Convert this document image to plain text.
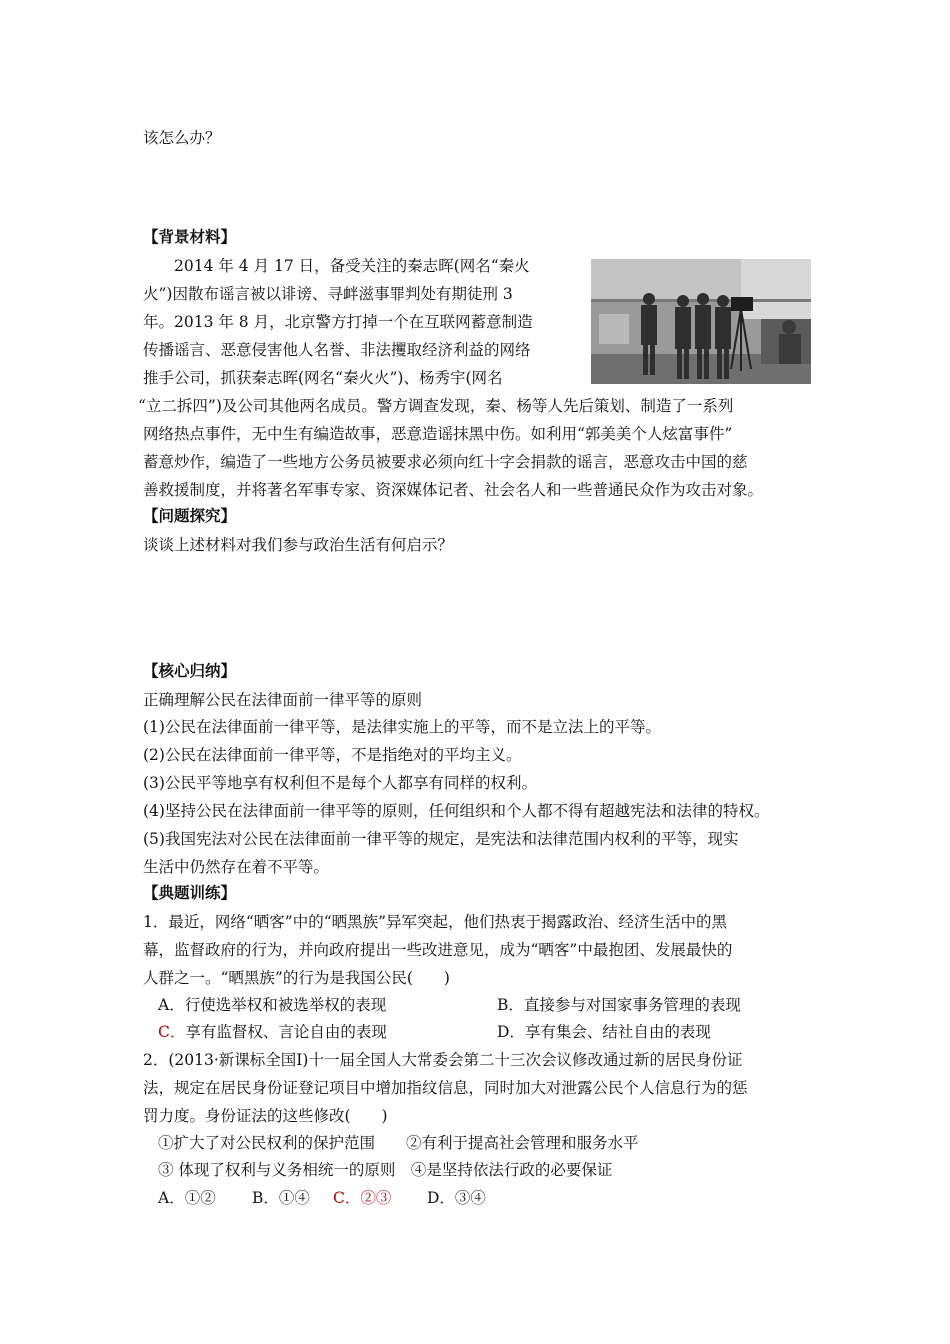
该怎么办？
【背景材料】
2014 年 4 月 17 日，备受关注的秦志晖(网名“秦火
火”)因散布谣言被以诽谤、寻衅滋事罪判处有期徒刑 3
年。2013 年 8 月，北京警方打掉一个在互联网蓄意制造
传播谣言、恶意侵害他人名誉、非法攫取经济利益的网络
推手公司，抓获秦志晖(网名“秦火火”)、杨秀宇(网名
“立二拆四”)及公司其他两名成员。警方调查发现，秦、杨等人先后策划、制造了一系列
网络热点事件，无中生有编造故事，恶意造谣抹黑中伤。如利用“郭美美个人炫富事件”
蓄意炒作，编造了一些地方公务员被要求必须向红十字会捐款的谣言，恶意攻击中国的慈
善救援制度，并将著名军事专家、资深媒体记者、社会名人和一些普通民众作为攻击对象。
【问题探究】
谈谈上述材料对我们参与政治生活有何启示？
【核心归纳】
正确理解公民在法律面前一律平等的原则
(1)公民在法律面前一律平等，是法律实施上的平等，而不是立法上的平等。
(2)公民在法律面前一律平等，不是指绝对的平均主义。
(3)公民平等地享有权利但不是每个人都享有同样的权利。
(4)坚持公民在法律面前一律平等的原则，任何组织和个人都不得有超越宪法和法律的特权。
(5)我国宪法对公民在法律面前一律平等的规定，是宪法和法律范围内权利的平等，现实
生活中仍然存在着不平等。
【典题训练】
1．最近，网络“晒客”中的“晒黑族”异军突起，他们热衷于揭露政治、经济生活中的黑
幕，监督政府的行为，并向政府提出一些改进意见，成为“晒客”中最抱团、发展最快的
人群之一。“晒黑族”的行为是我国公民(　　)
A．行使选举权和被选举权的表现	B．直接参与对国家事务管理的表现
C．享有监督权、言论自由的表现	D．享有集会、结社自由的表现
2．(2013·新课标全国Ⅰ)十一届全国人大常委会第二十三次会议修改通过新的居民身份证
法，规定在居民身份证登记项目中增加指纹信息，同时加大对泄露公民个人信息行为的惩
罚力度。身份证法的这些修改(　　)
①扩大了对公民权利的保护范围　　②有利于提高社会管理和服务水平
③ 体现了权利与义务相统一的原则　④是坚持依法行政的必要保证
A．①② B．①④ C．②③ D．③④
